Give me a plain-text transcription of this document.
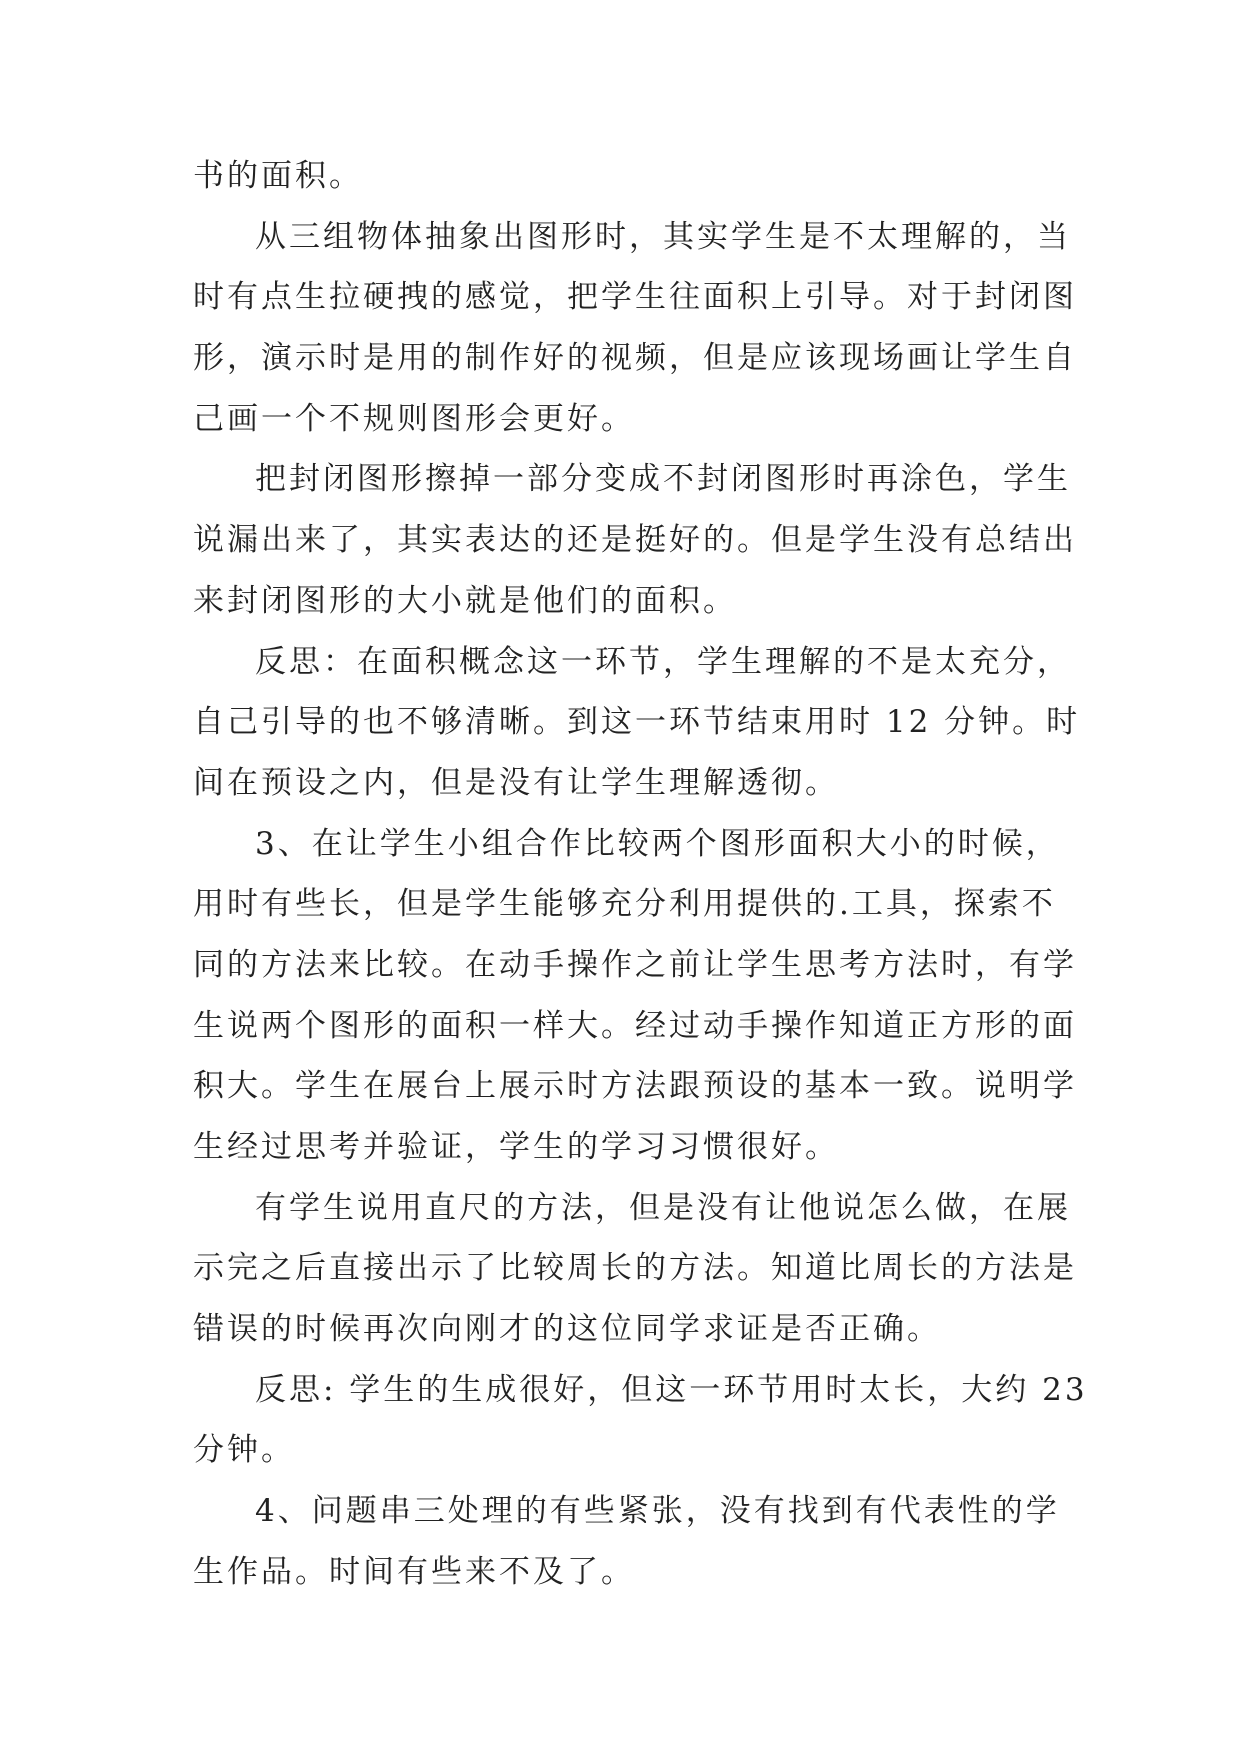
书的面积。
从三组物体抽象出图形时，其实学生是不太理解的，当
时有点生拉硬拽的感觉，把学生往面积上引导。对于封闭图
形，演示时是用的制作好的视频，但是应该现场画让学生自
己画一个不规则图形会更好。
把封闭图形擦掉一部分变成不封闭图形时再涂色，学生
说漏出来了，其实表达的还是挺好的。但是学生没有总结出
来封闭图形的大小就是他们的面积。
反思：在面积概念这一环节，学生理解的不是太充分，
自己引导的也不够清晰。到这一环节结束用时 12 分钟。时
间在预设之内，但是没有让学生理解透彻。
3、在让学生小组合作比较两个图形面积大小的时候，
用时有些长，但是学生能够充分利用提供的.工具，探索不
同的方法来比较。在动手操作之前让学生思考方法时，有学
生说两个图形的面积一样大。经过动手操作知道正方形的面
积大。学生在展台上展示时方法跟预设的基本一致。说明学
生经过思考并验证，学生的学习习惯很好。
有学生说用直尺的方法，但是没有让他说怎么做，在展
示完之后直接出示了比较周长的方法。知道比周长的方法是
错误的时候再次向刚才的这位同学求证是否正确。
反思: 学生的生成很好，但这一环节用时太长，大约 23
分钟。
4、问题串三处理的有些紧张，没有找到有代表性的学
生作品。时间有些来不及了。
